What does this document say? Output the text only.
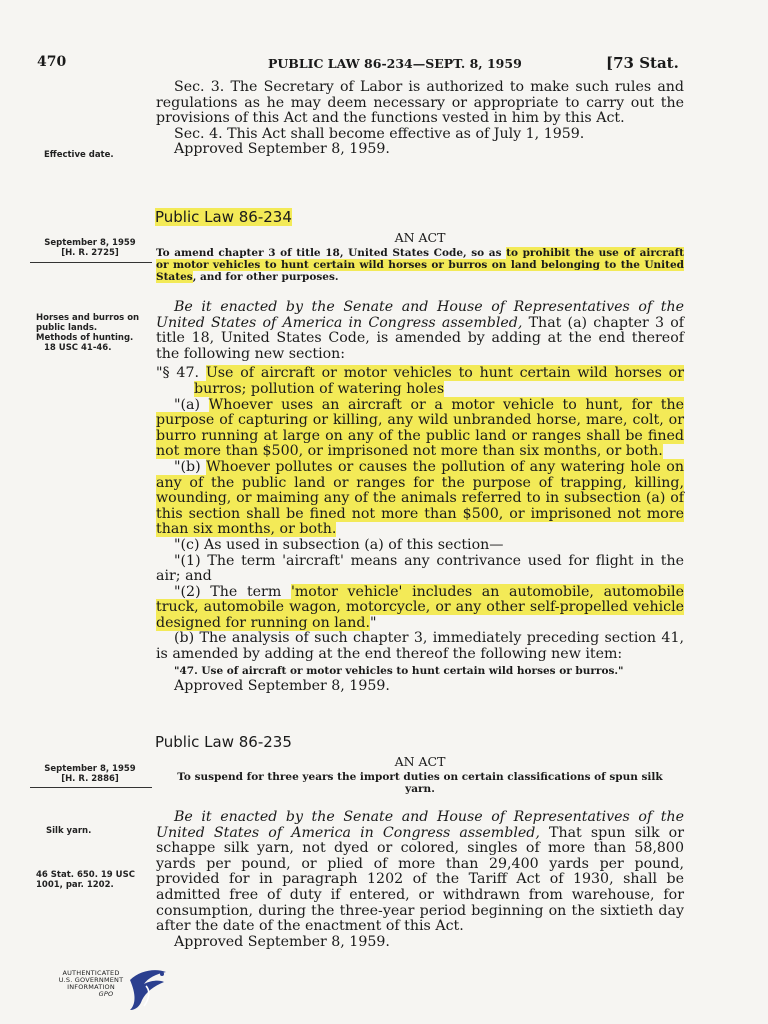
470	PUBLIC LAW 86-234—SEPT. 8, 1959	[73 Stat.

Sec. 3. The Secretary of Labor is authorized to make such rules and regulations as he may deem necessary or appropriate to carry out the provisions of this Act and the functions vested in him by this Act.

Sec. 4. This Act shall become effective as of July 1, 1959.

Approved September 8, 1959.

Effective date.
Public Law 86-234
AN ACT
September 8, 1959
[H. R. 2725]	To amend chapter 3 of title 18, United States Code, so as to prohibit the use of aircraft or motor vehicles to hunt certain wild horses or burros on land belonging to the United States, and for other purposes.
Horses and burros on public lands.
Methods of hunting.
18 USC 41-46.

Be it enacted by the Senate and House of Representatives of the United States of America in Congress assembled, That (a) chapter 3 of title 18, United States Code, is amended by adding at the end thereof the following new section:

"§ 47. Use of aircraft or motor vehicles to hunt certain wild horses or burros; pollution of watering holes

"(a) Whoever uses an aircraft or a motor vehicle to hunt, for the purpose of capturing or killing, any wild unbranded horse, mare, colt, or burro running at large on any of the public land or ranges shall be fined not more than $500, or imprisoned not more than six months, or both.

"(b) Whoever pollutes or causes the pollution of any watering hole on any of the public land or ranges for the purpose of trapping, killing, wounding, or maiming any of the animals referred to in subsection (a) of this section shall be fined not more than $500, or imprisoned not more than six months, or both.

"(c) As used in subsection (a) of this section—

"(1) The term 'aircraft' means any contrivance used for flight in the air; and

"(2) The term 'motor vehicle' includes an automobile, automobile truck, automobile wagon, motorcycle, or any other self-propelled vehicle designed for running on land."

(b) The analysis of such chapter 3, immediately preceding section 41, is amended by adding at the end thereof the following new item:

"47. Use of aircraft or motor vehicles to hunt certain wild horses or burros."

Approved September 8, 1959.

Public Law 86-235
AN ACT
September 8, 1959
[H. R. 2886]	To suspend for three years the import duties on certain classifications of spun silk yarn.
Silk yarn.
46 Stat. 650. 19 USC 1001, par. 1202.

Be it enacted by the Senate and House of Representatives of the United States of America in Congress assembled, That spun silk or schappe silk yarn, not dyed or colored, singles of more than 58,800 yards per pound, or plied of more than 29,400 yards per pound, provided for in paragraph 1202 of the Tariff Act of 1930, shall be admitted free of duty if entered, or withdrawn from warehouse, for consumption, during the three-year period beginning on the sixtieth day after the date of the enactment of this Act.

Approved September 8, 1959.

AUTHENTICATED
U.S. GOVERNMENT
INFORMATION
GPO
